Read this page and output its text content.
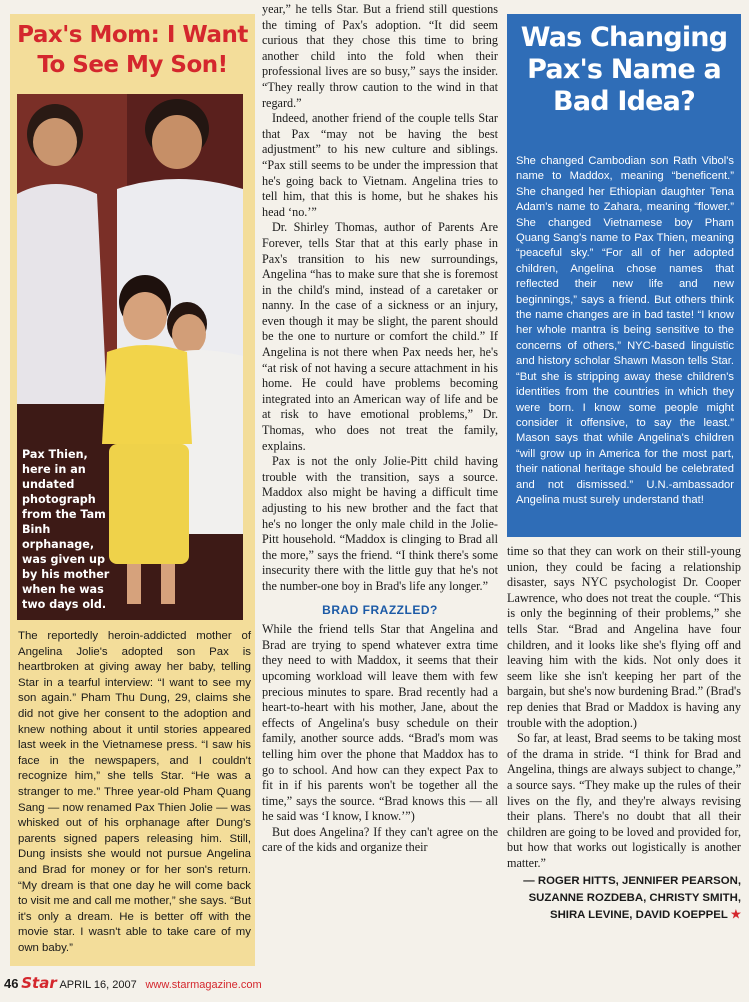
Pax's Mom: I Want To See My Son!
Pax Thien, here in an undated photograph from the Tam Binh orphanage, was given up by his mother when he was two days old.

The reportedly heroin-addicted mother of Angelina Jolie's adopted son Pax is heartbroken at giving away her baby, telling Star in a tearful interview: “I want to see my son again.” Pham Thu Dung, 29, claims she did not give her consent to the adoption and knew nothing about it until stories appeared last week in the Vietnamese press. “I saw his face in the newspapers, and I couldn't recognize him,” she tells Star. “He was a stranger to me.” Three year-old Pham Quang Sang — now renamed Pax Thien Jolie — was whisked out of his orphanage after Dung's parents signed papers releasing him. Still, Dung insists she would not pursue Angelina and Brad for money or for her son's return. “My dream is that one day he will come back to visit me and call me mother,” she says. “But it's only a dream. He is better off with the movie star. I wasn't able to take care of my own baby.”

year,” he tells Star. But a friend still questions the timing of Pax's adoption. “It did seem curious that they chose this time to bring another child into the fold when their professional lives are so busy,” says the insider. “They really throw caution to the wind in that regard.”

Indeed, another friend of the couple tells Star that Pax “may not be having the best adjustment” to his new culture and siblings. “Pax still seems to be under the impression that he's going back to Vietnam. Angelina tries to tell him, that this is home, but he shakes his head ‘no.’”

Dr. Shirley Thomas, author of Parents Are Forever, tells Star that at this early phase in Pax's transition to his new surroundings, Angelina “has to make sure that she is foremost in the child's mind, instead of a caretaker or nanny. In the case of a sickness or an injury, even though it may be slight, the parent should be the one to nurture or comfort the child.” If Angelina is not there when Pax needs her, he's “at risk of not having a secure attachment in his home. He could have problems becoming integrated into an American way of life and be at risk to have emotional problems,” Dr. Thomas, who does not treat the family, explains.

Pax is not the only Jolie-Pitt child having trouble with the transition, says a source. Maddox also might be having a difficult time adjusting to his new brother and the fact that he's no longer the only male child in the Jolie-Pitt household. “Maddox is clinging to Brad all the more,” says the friend. “I think there's some insecurity there with the little guy that he's not the number-one boy in Brad's life any longer.”

BRAD FRAZZLED?

While the friend tells Star that Angelina and Brad are trying to spend whatever extra time they need to with Maddox, it seems that their upcoming workload will leave them with few precious minutes to spare. Brad recently had a heart-to-heart with his mother, Jane, about the effects of Angelina's busy schedule on their family, another source adds. “Brad's mom was telling him over the phone that Maddox has to go to school. And how can they expect Pax to fit in if his parents won't be together all the time,” says the source. “Brad knows this — all he said was ‘I know, I know.’”)

But does Angelina? If they can't agree on the care of the kids and organize their

Was Changing Pax's Name a Bad Idea?

She changed Cambodian son Rath Vibol's name to Maddox, meaning “beneficent.” She changed her Ethiopian daughter Tena Adam's name to Zahara, meaning “flower.” She changed Vietnamese boy Pham Quang Sang's name to Pax Thien, meaning “peaceful sky.” “For all of her adopted children, Angelina chose names that reflected their new life and new beginnings,” says a friend. But others think the name changes are in bad taste! “I know her whole mantra is being sensitive to the concerns of others,” NYC-based linguistic and history scholar Shawn Mason tells Star. “But she is stripping away these children's identities from the countries in which they were born. I know some people might consider it offensive, to say the least.” Mason says that while Angelina's children “will grow up in America for the most part, their national heritage should be celebrated and not dismissed.” U.N.-ambassador Angelina must surely understand that!

time so that they can work on their still-young union, they could be facing a relationship disaster, says NYC psychologist Dr. Cooper Lawrence, who does not treat the couple. “This is only the beginning of their problems,” she tells Star. “Brad and Angelina have four children, and it looks like she's flying off and leaving him with the kids. Not only does it seem like she isn't keeping her part of the bargain, but she's now burdening Brad.” (Brad's rep denies that Brad or Maddox is having any trouble with the adoption.)

So far, at least, Brad seems to be taking most of the drama in stride. “I think for Brad and Angelina, things are always subject to change,” a source says. “They make up the rules of their lives on the fly, and they're always revising their plans. There's no doubt that all their children are going to be loved and provided for, but how that works out logistically is another matter.”

— ROGER HITTS, JENNIFER PEARSON, SUZANNE ROZDEBA, CHRISTY SMITH, SHIRA LEVINE, DAVID KOEPPEL ★
46 Star APRIL 16, 2007 www.starmagazine.com
